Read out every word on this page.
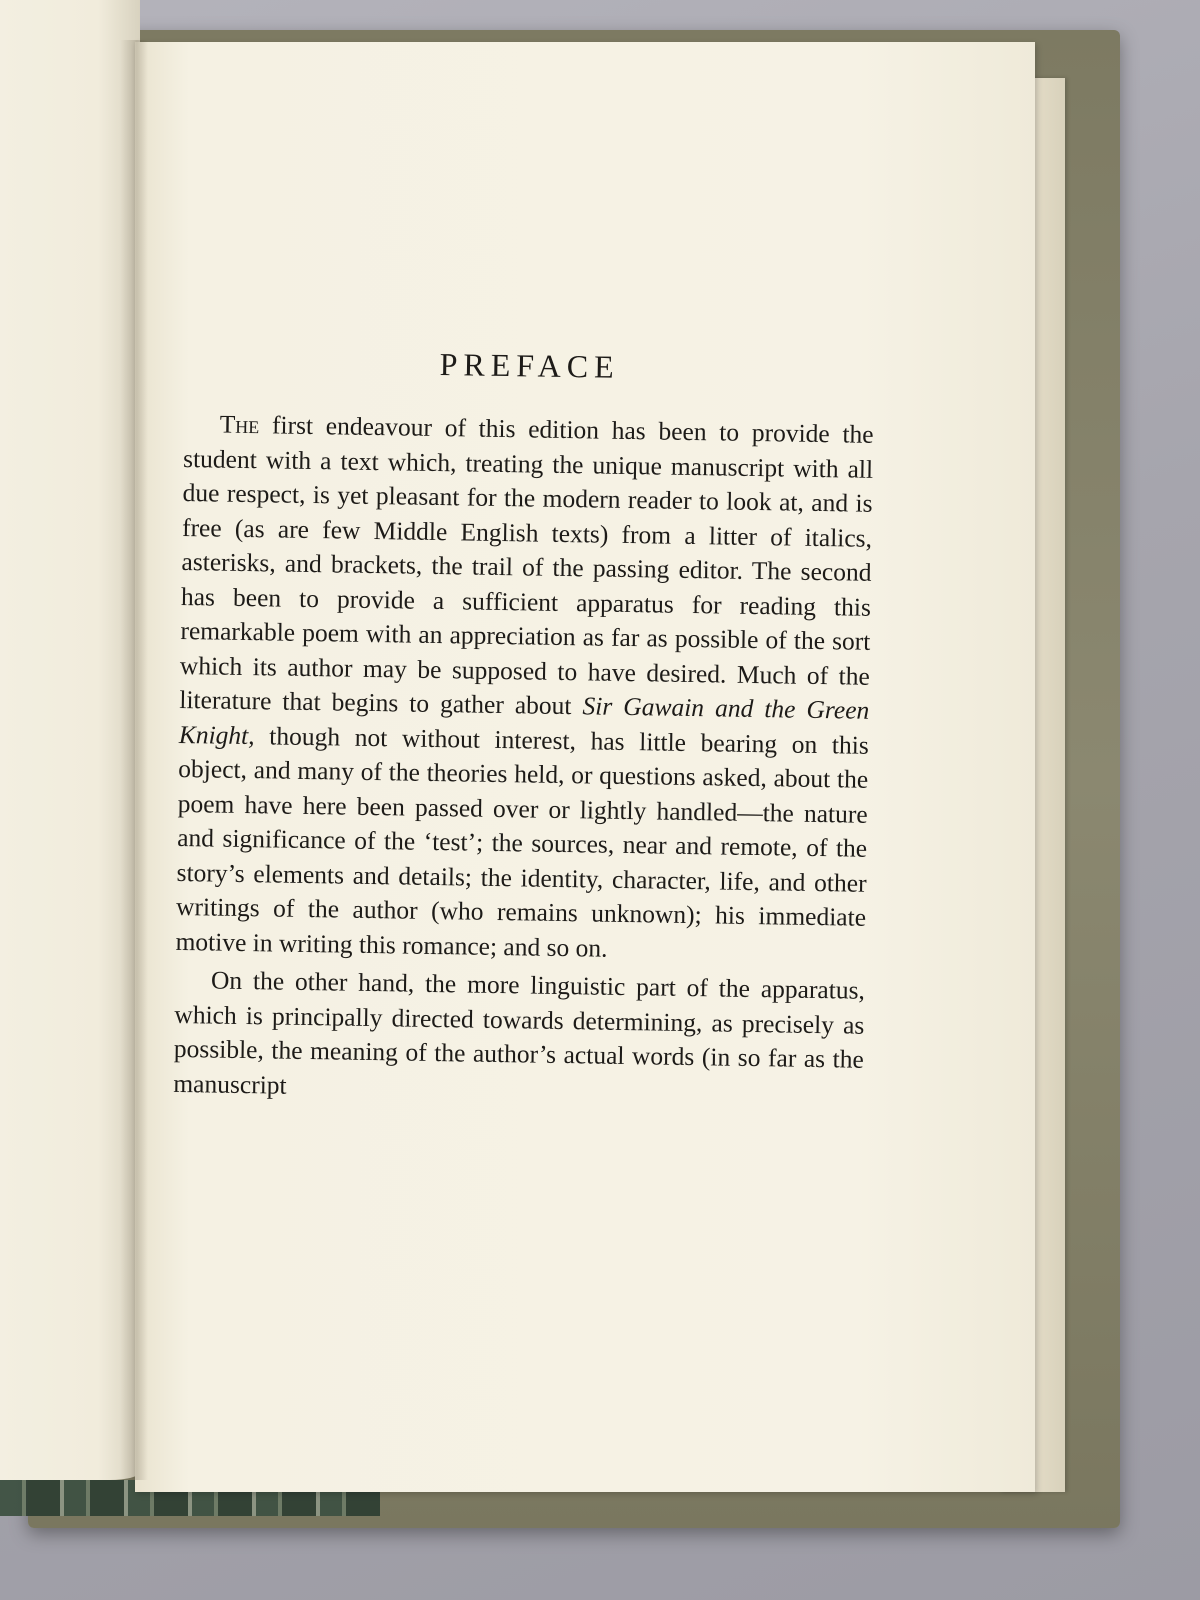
PREFACE

The first endeavour of this edition has been to provide the student with a text which, treating the unique manuscript with all due respect, is yet pleasant for the modern reader to look at, and is free (as are few Middle English texts) from a litter of italics, asterisks, and brackets, the trail of the passing editor. The second has been to provide a sufficient apparatus for reading this remarkable poem with an appreciation as far as possible of the sort which its author may be supposed to have desired. Much of the literature that begins to gather about Sir Gawain and the Green Knight, though not without interest, has little bearing on this object, and many of the theories held, or questions asked, about the poem have here been passed over or lightly handled—the nature and significance of the ‘test’; the sources, near and remote, of the story’s elements and details; the identity, character, life, and other writings of the author (who remains unknown); his immediate motive in writing this romance; and so on.

On the other hand, the more linguistic part of the apparatus, which is principally directed towards determining, as precisely as possible, the meaning of the author’s actual words (in so far as the manuscript
